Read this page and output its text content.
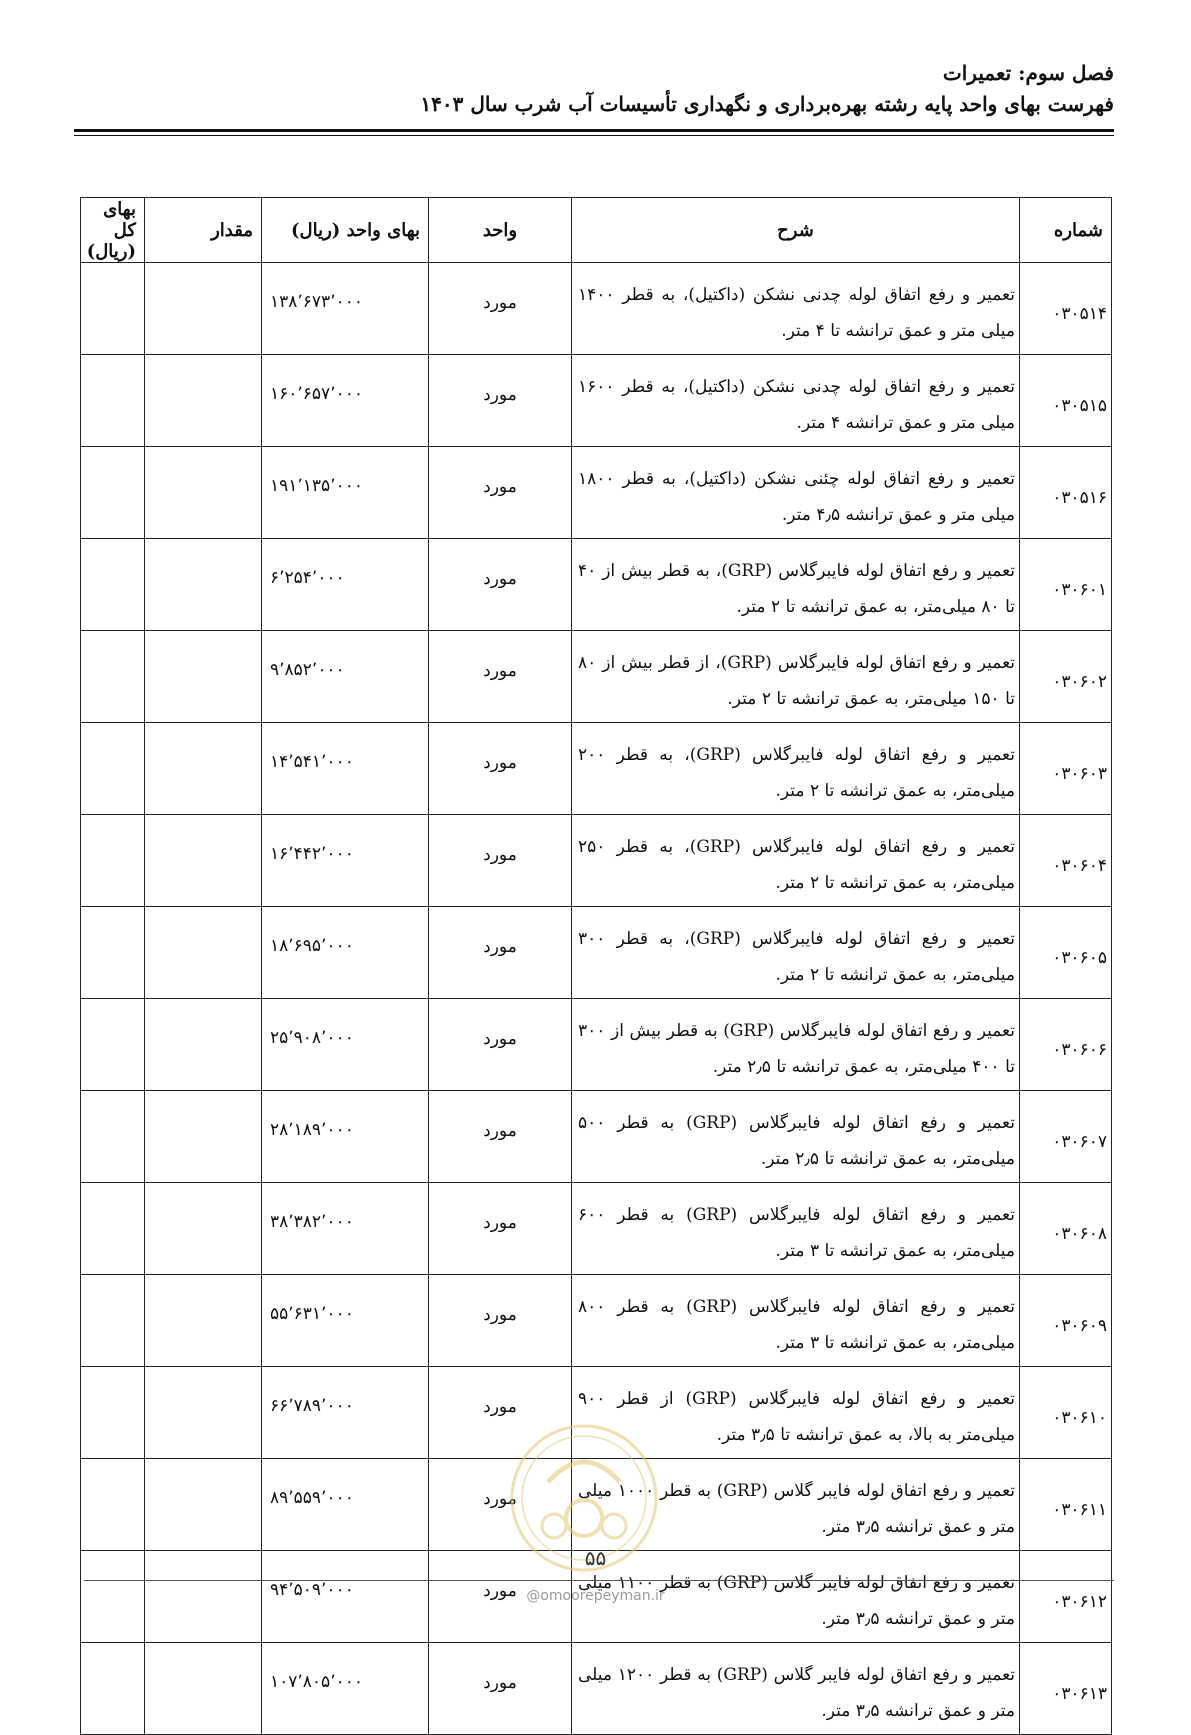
فصل سوم: تعمیرات
فهرست بهای واحد پایه رشته بهره‌برداری و نگهداری تأسیسات آب شرب سال ۱۴۰۳
شماره	شرح	واحد	بهای واحد (ریال)	مقدار	بهای کل (ریال)
۰۳۰۵۱۴	تعمیر و رفع اتفاق لوله چدنی نشکن (داکتیل)، به قطر ۱۴۰۰ میلی متر و عمق ترانشه تا ۴ متر.	مورد	۱۳۸٬۶۷۳٬۰۰۰		
۰۳۰۵۱۵	تعمیر و رفع اتفاق لوله چدنی نشکن (داکتیل)، به قطر ۱۶۰۰ میلی متر و عمق ترانشه ۴ متر.	مورد	۱۶۰٬۶۵۷٬۰۰۰		
۰۳۰۵۱۶	تعمیر و رفع اتفاق لوله چئنی نشکن (داکتیل)، به قطر ۱۸۰۰ میلی متر و عمق ترانشه ۴٫۵ متر.	مورد	۱۹۱٬۱۳۵٬۰۰۰		
۰۳۰۶۰۱	تعمیر و رفع اتفاق لوله فایبرگلاس (GRP)، به قطر بیش از ۴۰ تا ۸۰ میلی‌متر، به عمق ترانشه تا ۲ متر.	مورد	۶٬۲۵۴٬۰۰۰		
۰۳۰۶۰۲	تعمیر و رفع اتفاق لوله فایبرگلاس (GRP)، از قطر بیش از ۸۰ تا ۱۵۰ میلی‌متر، به عمق ترانشه تا ۲ متر.	مورد	۹٬۸۵۲٬۰۰۰		
۰۳۰۶۰۳	تعمیر و رفع اتفاق لوله فایبرگلاس (GRP)، به قطر ۲۰۰ میلی‌متر، به عمق ترانشه تا ۲ متر.	مورد	۱۴٬۵۴۱٬۰۰۰		
۰۳۰۶۰۴	تعمیر و رفع اتفاق لوله فایبرگلاس (GRP)، به قطر ۲۵۰ میلی‌متر، به عمق ترانشه تا ۲ متر.	مورد	۱۶٬۴۴۲٬۰۰۰		
۰۳۰۶۰۵	تعمیر و رفع اتفاق لوله فایبرگلاس (GRP)، به قطر ۳۰۰ میلی‌متر، به عمق ترانشه تا ۲ متر.	مورد	۱۸٬۶۹۵٬۰۰۰		
۰۳۰۶۰۶	تعمیر و رفع اتفاق لوله فایبرگلاس (GRP) به قطر بیش از ۳۰۰ تا ۴۰۰ میلی‌متر، به عمق ترانشه تا ۲٫۵ متر.	مورد	۲۵٬۹۰۸٬۰۰۰		
۰۳۰۶۰۷	تعمیر و رفع اتفاق لوله فایبرگلاس (GRP) به قطر ۵۰۰ میلی‌متر، به عمق ترانشه تا ۲٫۵ متر.	مورد	۲۸٬۱۸۹٬۰۰۰		
۰۳۰۶۰۸	تعمیر و رفع اتفاق لوله فایبرگلاس (GRP) به قطر ۶۰۰ میلی‌متر، به عمق ترانشه تا ۳ متر.	مورد	۳۸٬۳۸۲٬۰۰۰		
۰۳۰۶۰۹	تعمیر و رفع اتفاق لوله فایبرگلاس (GRP) به قطر ۸۰۰ میلی‌متر، به عمق ترانشه تا ۳ متر.	مورد	۵۵٬۶۳۱٬۰۰۰		
۰۳۰۶۱۰	تعمیر و رفع اتفاق لوله فایبرگلاس (GRP) از قطر ۹۰۰ میلی‌متر به بالا، به عمق ترانشه تا ۳٫۵ متر.	مورد	۶۶٬۷۸۹٬۰۰۰		
۰۳۰۶۱۱	تعمیر و رفع اتفاق لوله فایبر گلاس (GRP) به قطر ۱۰۰۰ میلی متر و عمق ترانشه ۳٫۵ متر.	مورد	۸۹٬۵۵۹٬۰۰۰		
۰۳۰۶۱۲	تعمیر و رفع اتفاق لوله فایبر گلاس (GRP) به قطر ۱۱۰۰ میلی متر و عمق ترانشه ۳٫۵ متر.	مورد	۹۴٬۵۰۹٬۰۰۰		
۰۳۰۶۱۳	تعمیر و رفع اتفاق لوله فایبر گلاس (GRP) به قطر ۱۲۰۰ میلی متر و عمق ترانشه ۳٫۵ متر.	مورد	۱۰۷٬۸۰۵٬۰۰۰		
۵۵
@omoorepeyman.ir
